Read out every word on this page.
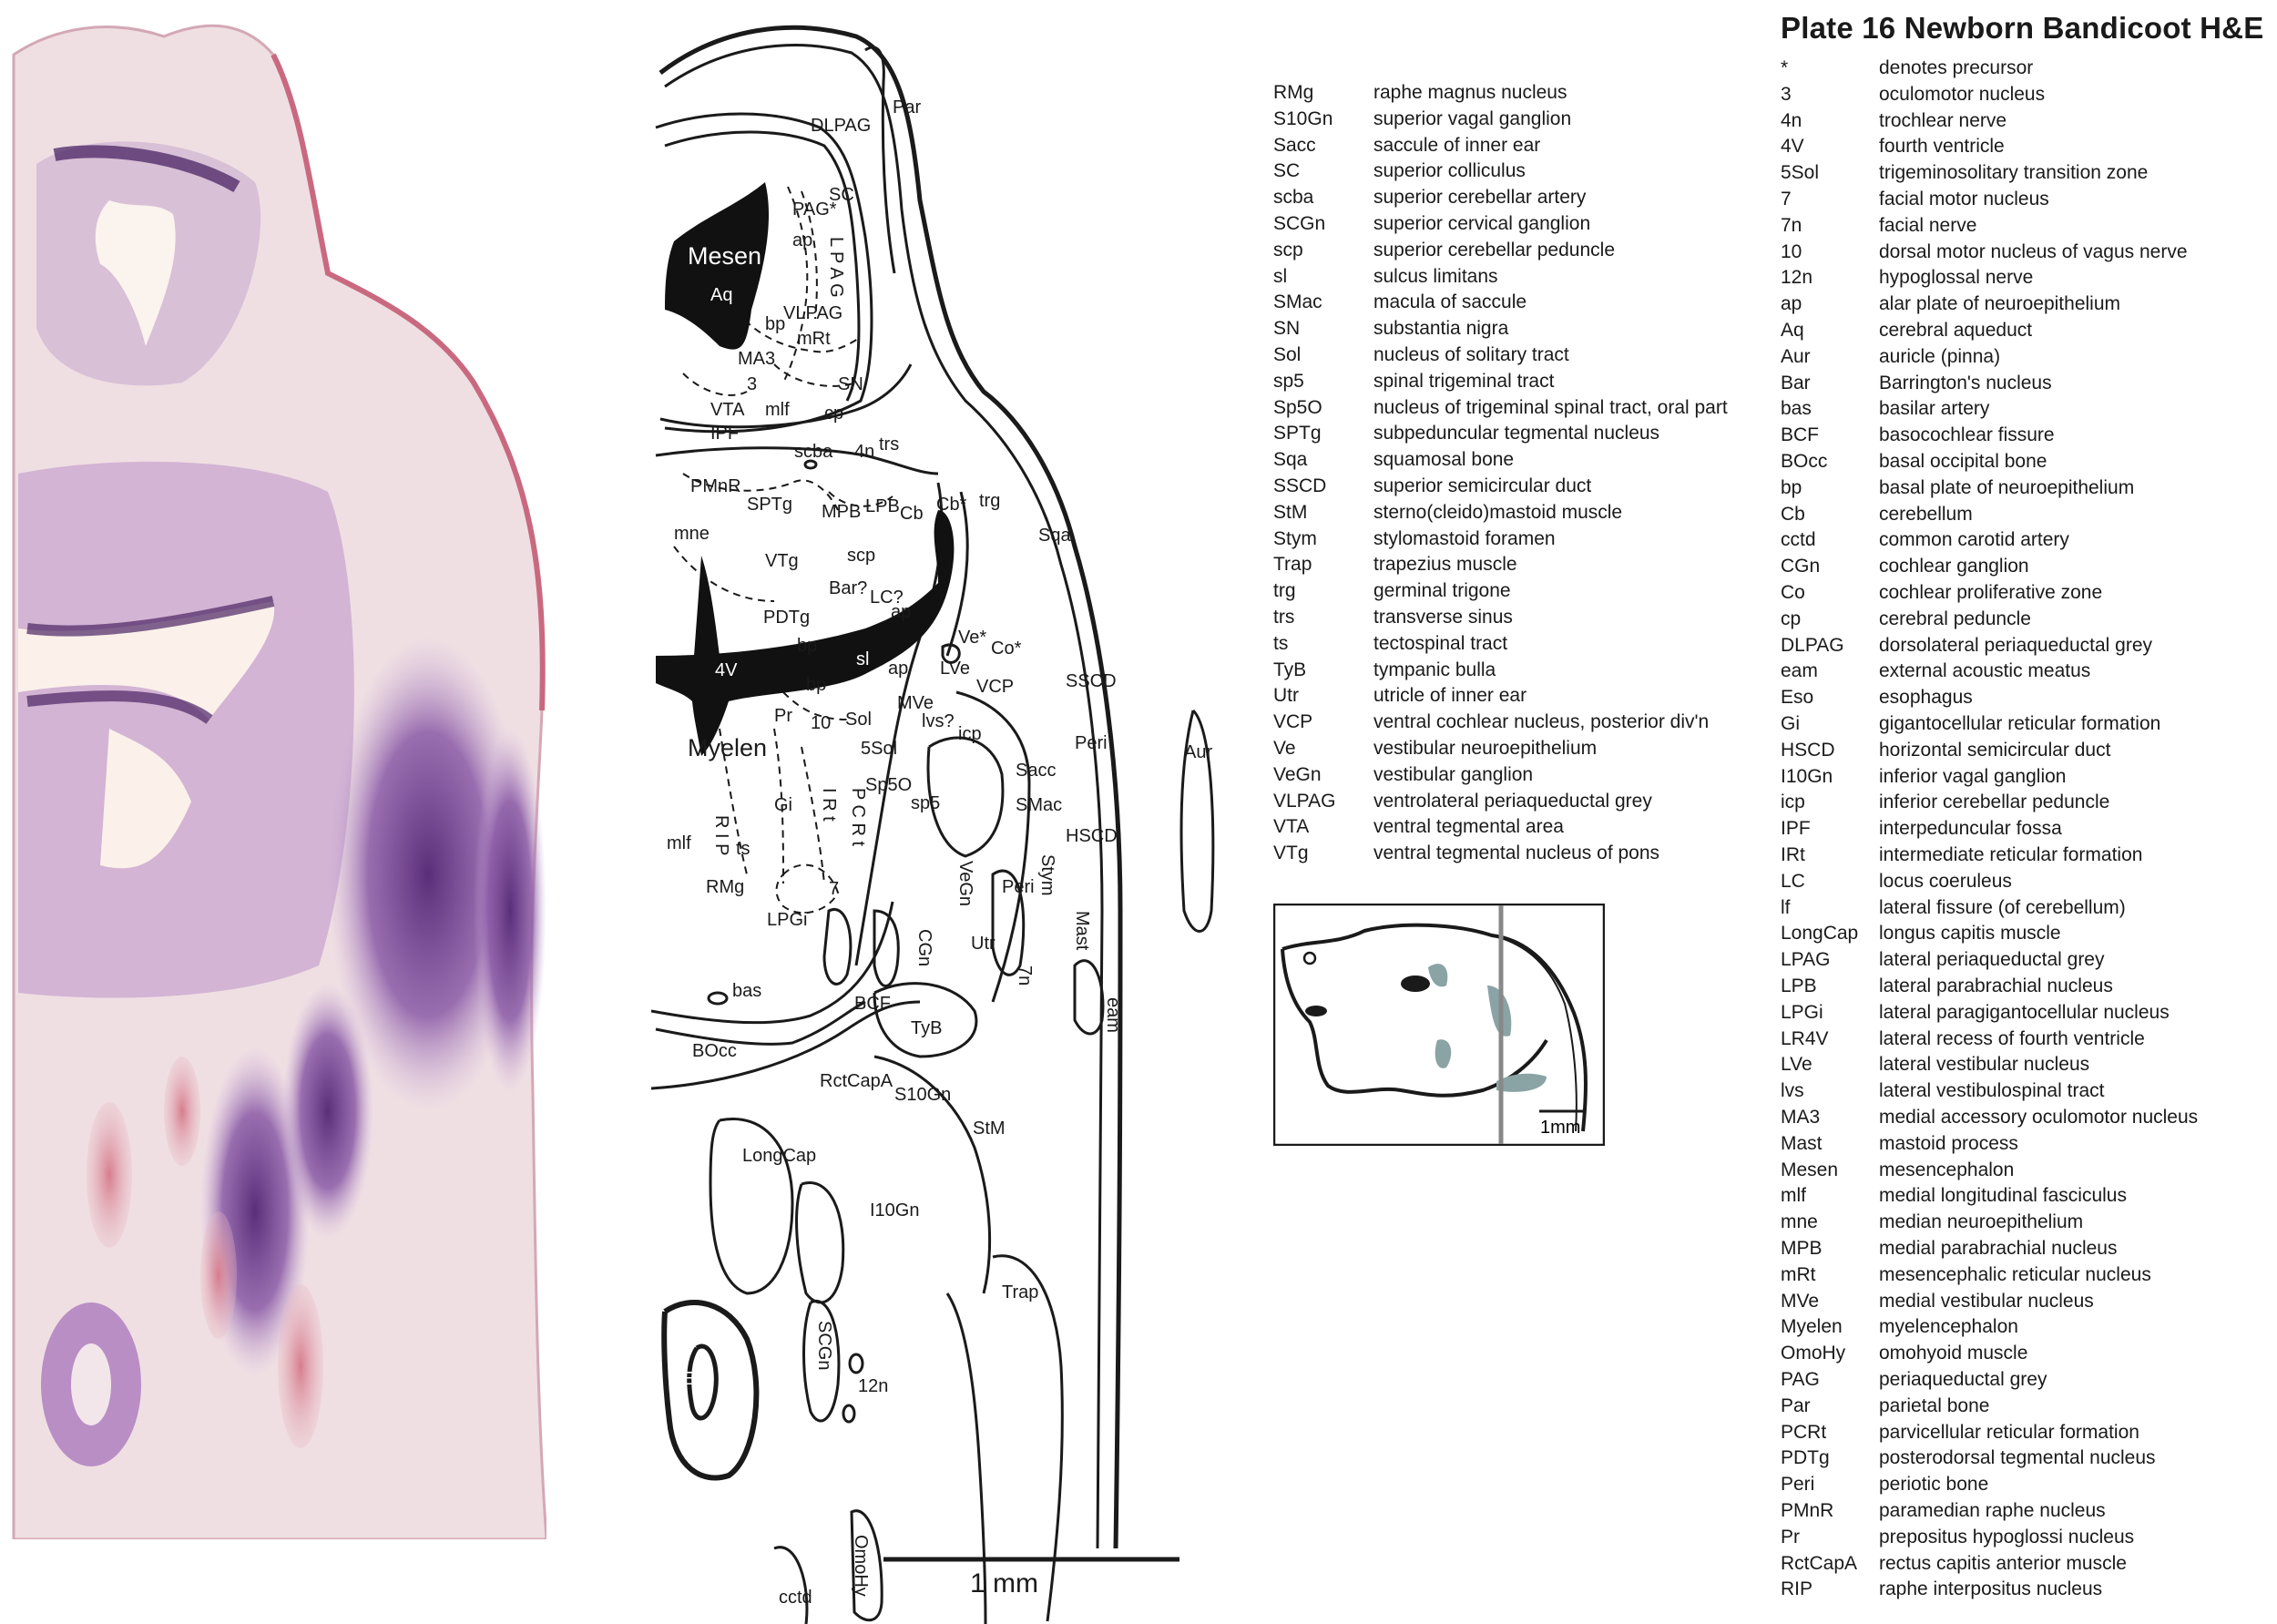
Par
DLPAG
PAG*
SC
L P A G
Mesen
Aq
sl
ap
bp
VLPAG
mRt
MA3
3
mlf
VTA
SN
cp
IPF
scba 4n trs
PMnR
SPTg MPB LPB Cb Cb* trg
LR4V
Sqa
mne
VTg	scp
Bar? LC?
ap
lf
PDTg
Ve*
Co*
bp
4V
sl ap LVe
VCP	SSCD
bp
MVe
Myelen
Pr 10 Sol	lvs?
5Sol
icp	Peri	Aur
Gi I R t P C R t
Sp5O
sp5
Sacc
SMac
HSCD
R I P
mlf ts
7	VeGn	Stym
Peri
Mast
RMg
LPGi
CGn Utr
7n
eam
bas
BCF
TyB
BOcc
RctCapA
S10Gn
StM
LongCap
I10Gn
SCGn
Trap
Eso	12n
cctd
OmoHy	1 mm
Plate 16 Newborn Bandicoot H&E
RMg	raphe magnus nucleus
S10Gn superior vagal ganglion
Sacc	saccule of inner ear
SC	superior colliculus
scba	superior cerebellar artery
SCGn	superior cervical ganglion
scp	superior cerebellar peduncle
sl	sulcus limitans
SMac	macula of saccule
SN	substantia nigra
Sol	nucleus of solitary tract
sp5	spinal trigeminal tract
Sp5O	nucleus of trigeminal spinal tract, oral part
SPTg	subpeduncular tegmental nucleus
Sqa	squamosal bone
SSCD superior semicircular duct
StM	sterno(cleido)mastoid muscle
Stym	stylomastoid foramen
Trap	trapezius muscle
trg	germinal trigone
trs	transverse sinus
ts	tectospinal tract
TyB	tympanic bulla
Utr	utricle of inner ear
VCP	ventral cochlear nucleus, posterior div'n
Ve	vestibular neuroepithelium
VeGn	vestibular ganglion
VLPAG ventrolateral periaqueductal grey
VTA	ventral tegmental area
VTg	ventral tegmental nucleus of pons
*	denotes precursor
3	oculomotor nucleus
4n	trochlear nerve
4V	fourth ventricle
5Sol	trigeminosolitary transition zone
7	facial motor nucleus
7n	facial nerve
10	dorsal motor nucleus of vagus nerve
12n	hypoglossal nerve
ap	alar plate of neuroepithelium
Aq	cerebral aqueduct
Aur	auricle (pinna)
Bar	Barrington's nucleus
bas	basilar artery
BCF	basocochlear fissure
BOcc	basal occipital bone
bp	basal plate of neuroepithelium
Cb	cerebellum
cctd	common carotid artery
CGn	cochlear ganglion
Co	cochlear proliferative zone
cp	cerebral peduncle
DLPAG dorsolateral periaqueductal grey
eam	external acoustic meatus
Eso	esophagus
Gi	gigantocellular reticular formation
HSCD horizontal semicircular duct
I10Gn inferior vagal ganglion
icp	inferior cerebellar peduncle
IPF	interpeduncular fossa
IRt	intermediate reticular formation
LC	locus coeruleus
lf	lateral fissure (of cerebellum)
LongCap longus capitis muscle
LPAG	lateral periaqueductal grey
LPB	lateral parabrachial nucleus
LPGi	lateral paragigantocellular nucleus
LR4V	lateral recess of fourth ventricle
LVe	lateral vestibular nucleus
lvs	lateral vestibulospinal tract
MA3	medial accessory oculomotor nucleus
Mast	mastoid process
Mesen mesencephalon
mlf	medial longitudinal fasciculus
mne	median neuroepithelium
MPB	medial parabrachial nucleus
mRt	mesencephalic reticular nucleus
MVe	medial vestibular nucleus
Myelen myelencephalon
OmoHy omohyoid muscle
PAG	periaqueductal grey
Par	parietal bone
PCRt	parvicellular reticular formation
PDTg	posterodorsal tegmental nucleus
Peri	periotic bone
PMnR paramedian raphe nucleus
Pr	prepositus hypoglossi nucleus
RctCapA rectus capitis anterior muscle
RIP	raphe interpositus nucleus
1mm
